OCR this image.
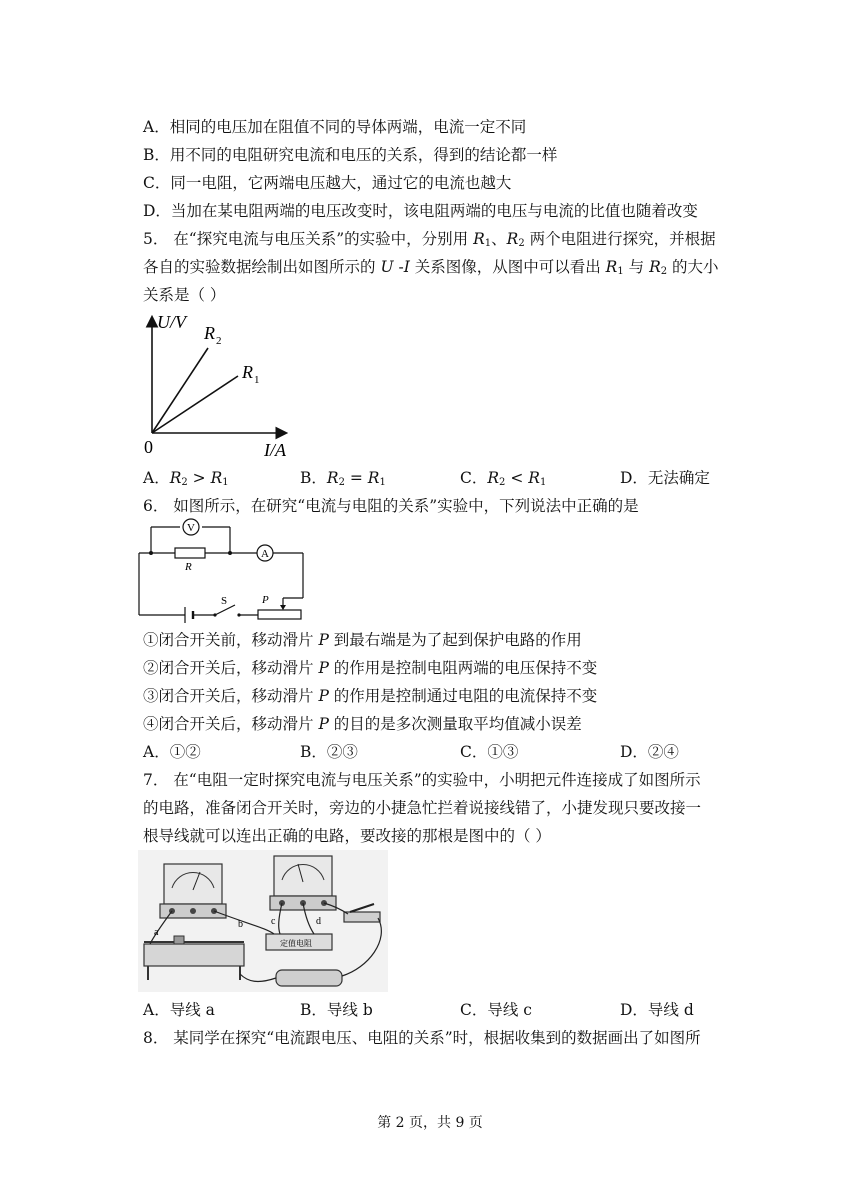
A．相同的电压加在阻值不同的导体两端，电流一定不同
B．用不同的电阻研究电流和电压的关系，得到的结论都一样
C．同一电阻，它两端电压越大，通过它的电流也越大
D．当加在某电阻两端的电压改变时，该电阻两端的电压与电流的比值也随着改变
5． 在“探究电流与电压关系”的实验中，分别用 $R_1$、$R_2$ 两个电阻进行探究，并根据
各自的实验数据绘制出如图所示的 U -I 关系图像，从图中可以看出 $R_1$ 与 $R_2$ 的大小
关系是（ ）
U/V
I/A
0
R 2
R 1
A．$R_2 > R_1$	B．$R_2 = R_1$	C．$R_2 < R_1$	D．无法确定
6． 如图所示，在研究“电流与电阻的关系”实验中，下列说法中正确的是
V
A
R
S	P
①闭合开关前，移动滑片 P 到最右端是为了起到保护电路的作用
②闭合开关后，移动滑片 P 的作用是控制电阻两端的电压保持不变
③闭合开关后，移动滑片 P 的作用是控制通过电阻的电流保持不变
④闭合开关后，移动滑片 P 的目的是多次测量取平均值减小误差
A．①②	B．②③	C．①③	D．②④
7． 在“电阻一定时探究电流与电压关系”的实验中，小明把元件连接成了如图所示
的电路，准备闭合开关时，旁边的小捷急忙拦着说接线错了，小捷发现只要改接一
根导线就可以连出正确的电路，要改接的那根是图中的（ ）
定值电阻
a
b	c	d
A．导线 a	B．导线 b	C．导线 c	D．导线 d
8． 某同学在探究“电流跟电压、电阻的关系”时，根据收集到的数据画出了如图所
第 2 页，共 9 页
